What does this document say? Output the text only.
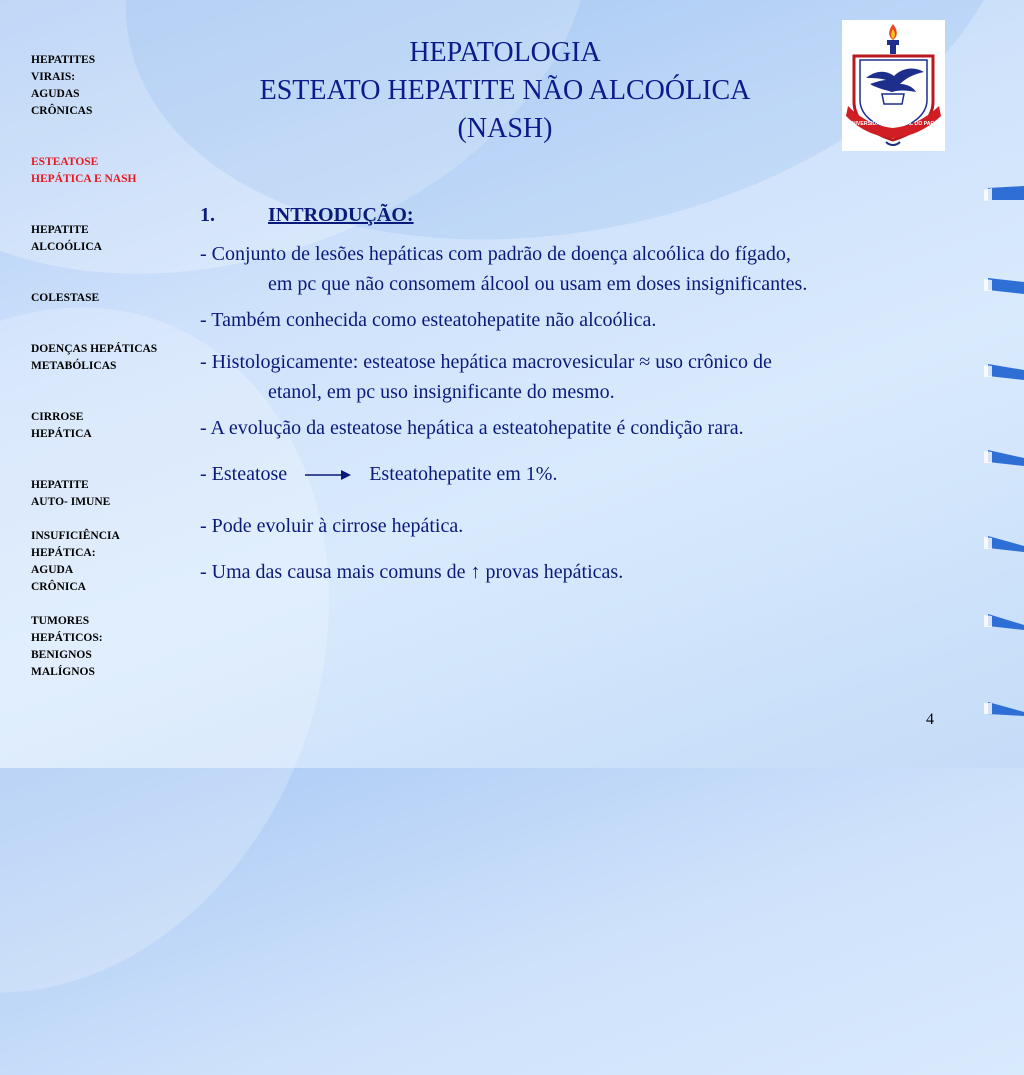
HEPATITES
VIRAIS:
AGUDAS
CRÔNICAS
ESTEATOSE
HEPÁTICA E NASH
HEPATITE
ALCOÓLICA
COLESTASE
DOENÇAS HEPÁTICAS
METABÓLICAS
CIRROSE
HEPÁTICA
HEPATITE
AUTO- IMUNE
INSUFICIÊNCIA
HEPÁTICA:
AGUDA
CRÔNICA
TUMORES
HEPÁTICOS:
BENIGNOS
MALÍGNOS
HEPATOLOGIA
ESTEATO HEPATITE NÃO ALCOÓLICA
(NASH)	UNIVERSIDADE FEDERAL DO PARÁ
1.	INTRODUÇÃO:

- Conjunto de lesões hepáticas com padrão de doença alcoólica do fígado,
em pc que não consomem álcool ou usam em doses insignificantes.

- Também conhecida como esteatohepatite não alcoólica.

- Histologicamente: esteatose hepática macrovesicular ≈ uso crônico de
etanol, em pc uso insignificante do mesmo.

- A evolução da esteatose hepática a esteatohepatite é condição rara.

- Esteatose	Esteatohepatite em 1%.

- Pode evoluir à cirrose hepática.

- Uma das causa mais comuns de ↑ provas hepáticas.

4
